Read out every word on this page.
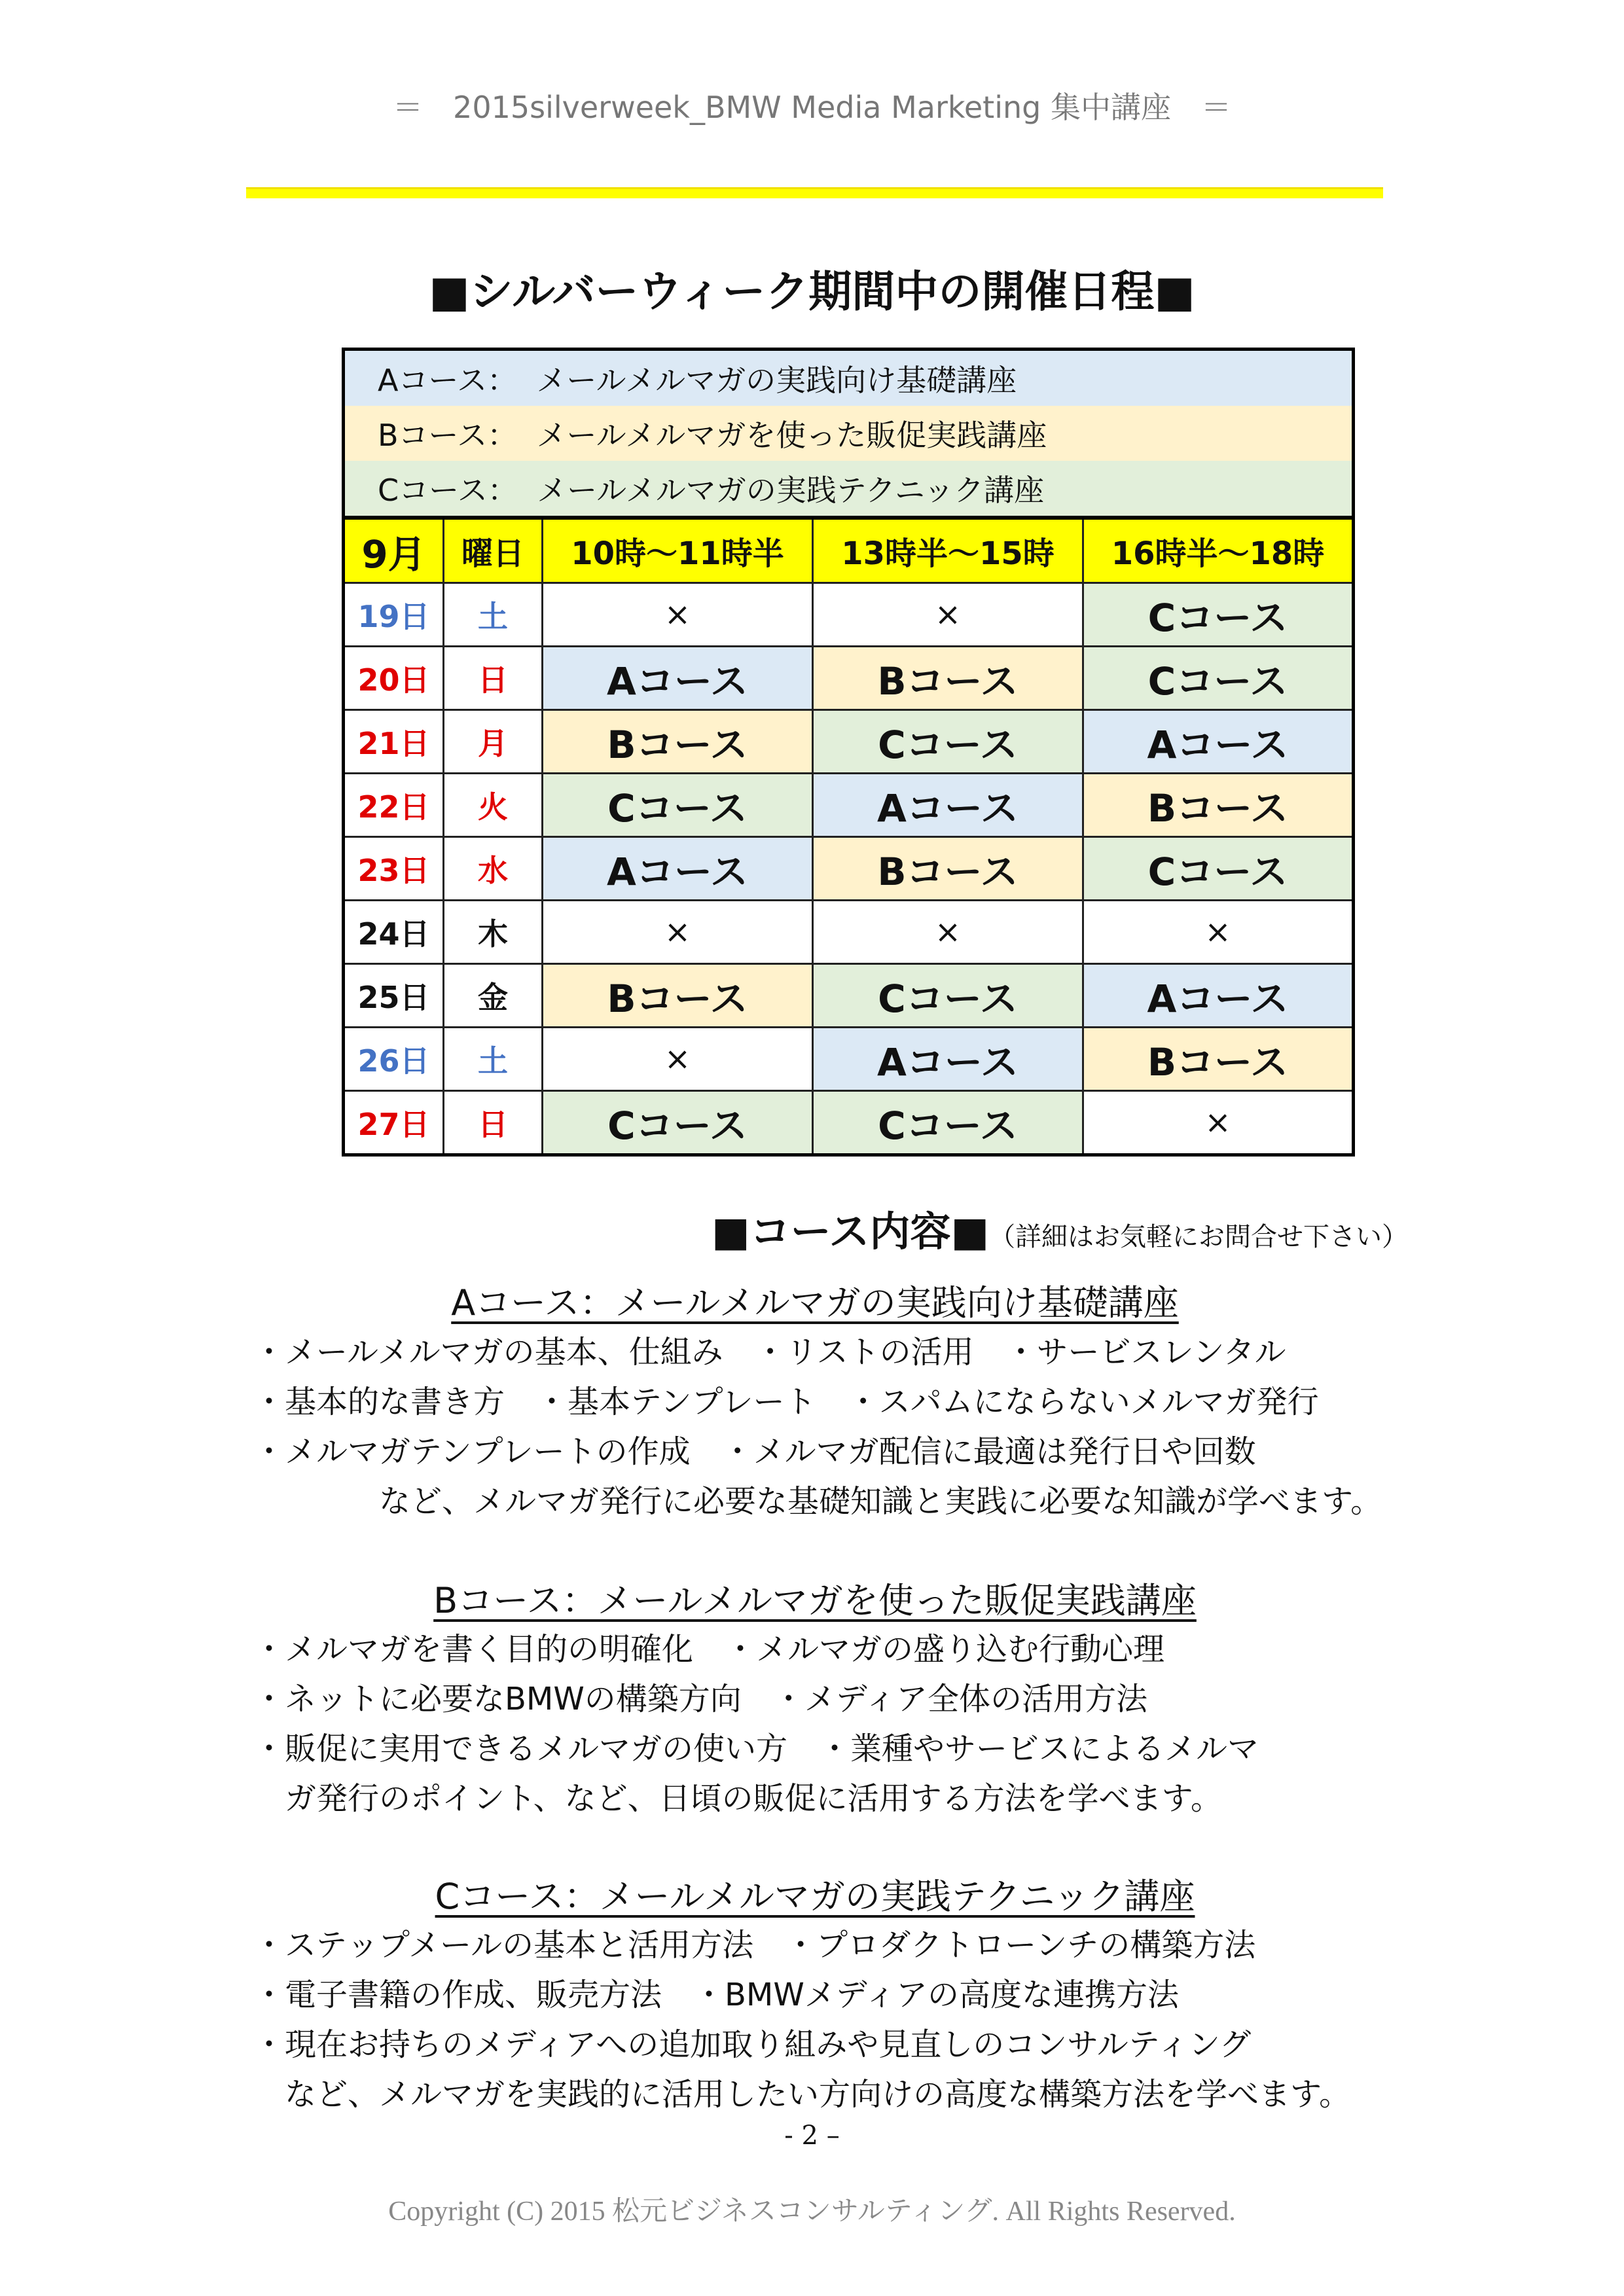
＝　2015silverweek_BMW Media Marketing 集中講座　＝
■シルバーウィーク期間中の開催日程■
Aコース： メールメルマガの実践向け基礎講座				
Bコース： メールメルマガを使った販促実践講座				
Cコース： メールメルマガの実践テクニック講座				
9月	曜日	10時〜11時半	13時半〜15時	16時半〜18時
19日	土	×	×	Cコース
20日	日	Aコース	Bコース	Cコース
21日	月	Bコース	Cコース	Aコース
22日	火	Cコース	Aコース	Bコース
23日	水	Aコース	Bコース	Cコース
24日	木	×	×	×
25日	金	Bコース	Cコース	Aコース
26日	土	×	Aコース	Bコース
27日	日	Cコース	Cコース	×
■コース内容■（詳細はお気軽にお問合せ下さい）
Aコース：メールメルマガの実践向け基礎講座
・メールメルマガの基本、仕組み　・リストの活用　・サービスレンタル
・基本的な書き方　・基本テンプレート　・スパムにならないメルマガ発行
・メルマガテンプレートの作成　・メルマガ配信に最適は発行日や回数
　　　　など、メルマガ発行に必要な基礎知識と実践に必要な知識が学べます。
Bコース：メールメルマガを使った販促実践講座
・メルマガを書く目的の明確化　・メルマガの盛り込む行動心理
・ネットに必要なBMWの構築方向　・メディア全体の活用方法
・販促に実用できるメルマガの使い方　・業種やサービスによるメルマ
　ガ発行のポイント、など、日頃の販促に活用する方法を学べます。
Cコース：メールメルマガの実践テクニック講座
・ステップメールの基本と活用方法　・プロダクトローンチの構築方法
・電子書籍の作成、販売方法　・BMWメディアの高度な連携方法
・現在お持ちのメディアへの追加取り組みや見直しのコンサルティング
　など、メルマガを実践的に活用したい方向けの高度な構築方法を学べます。
- 2 –
Copyright (C) 2015 松元ビジネスコンサルティング. All Rights Reserved.
